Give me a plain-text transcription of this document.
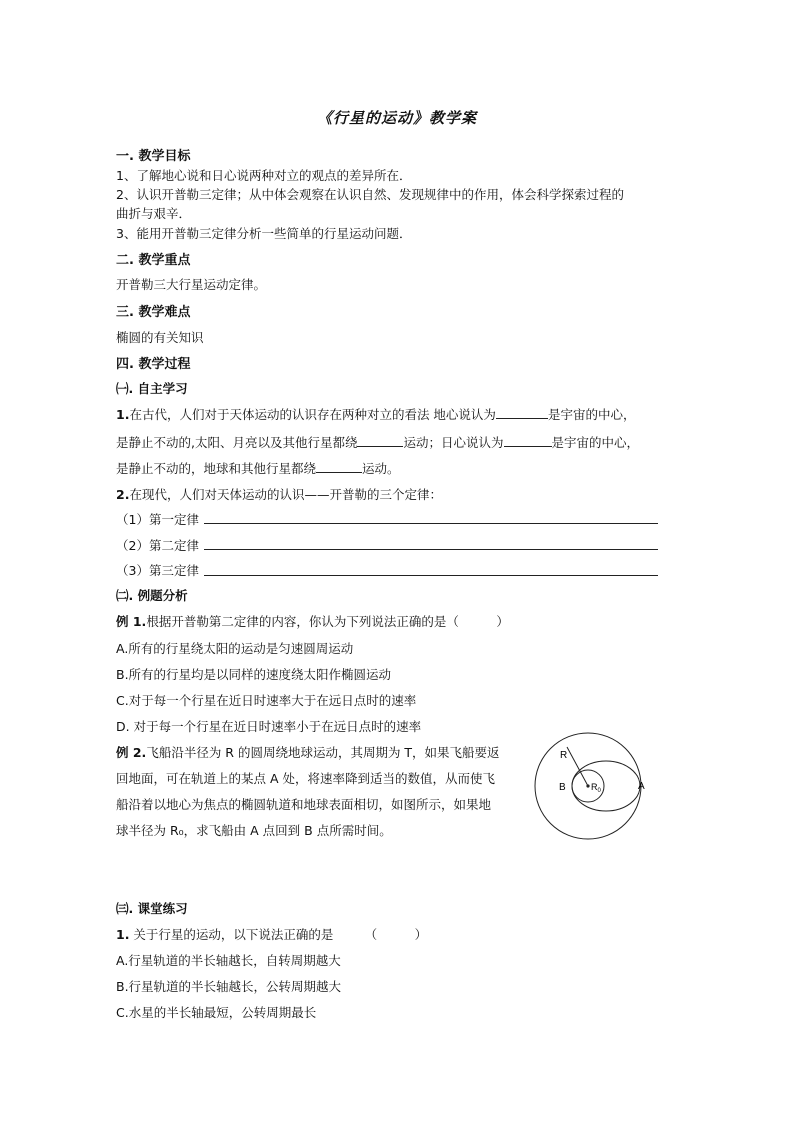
《行星的运动》教学案
一. 教学目标
1、了解地心说和日心说两种对立的观点的差异所在．
2、认识开普勒三定律；从中体会观察在认识自然、发现规律中的作用，体会科学探索过程的
曲折与艰辛．
3、能用开普勒三定律分析一些简单的行星运动问题．
二. 教学重点
开普勒三大行星运动定律。
三. 教学难点
椭圆的有关知识
四. 教学过程
㈠. 自主学习
1.在古代，人们对于天体运动的认识存在两种对立的看法 地心说认为	是宇宙的中心，
是静止不动的,太阳、月亮以及其他行星都绕	运动；日心说认为	是宇宙的中心，
是静止不动的，地球和其他行星都绕	运动。
2.在现代，人们对天体运动的认识——开普勒的三个定律：
（1）第一定律
（2）第二定律
（3）第三定律
㈡. 例题分析
例 1.根据开普勒第二定律的内容，你认为下列说法正确的是（　　　）
A.所有的行星绕太阳的运动是匀速圆周运动
B.所有的行星均是以同样的速度绕太阳作椭圆运动
C.对于每一个行星在近日时速率大于在远日点时的速率
D. 对于每一个行星在近日时速率小于在远日点时的速率
例 2.飞船沿半径为 R 的圆周绕地球运动，其周期为 T，如果飞船要返
回地面，可在轨道上的某点 A 处，将速率降到适当的数值，从而使飞
船沿着以地心为焦点的椭圆轨道和地球表面相切，如图所示，如果地
球半径为 R₀，求飞船由 A 点回到 B 点所需时间。
R
B	A
$R_0$
㈢. 课堂练习
1. 关于行星的运动，以下说法正确的是　　　（　　　）
A.行星轨道的半长轴越长，自转周期越大
B.行星轨道的半长轴越长，公转周期越大
C.水星的半长轴最短，公转周期最长
